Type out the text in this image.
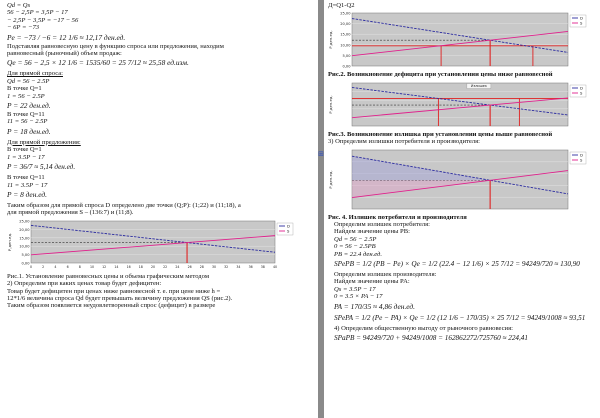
Qd = Qs
56 − 2,5P = 3,5P − 17
− 2,5P − 3,5P = −17 − 56
− 6P = −73
Pe = −73 / −6 = 12 1/6 ≈ 12,17 ден.ед.
Подставляя равновесную цену в функцию спроса или предложения, находим
равновесный (рыночный) объем продаж:
Qe = 56 − 2,5 × 12 1/6 = 1535/60 = 25 7/12 ≈ 25,58 ед.изм.
Для прямой спроса:
Qd = 56 − 2.5P
В точке Q=1
1 = 56 − 2.5P
P = 22 ден.ед.
В точке Q=11
11 = 56 − 2.5P
P = 18 ден.ед.
Для прямой предложения:
В точке Q=1
1 = 3.5P − 17
P = 36/7 ≈ 5,14 ден.ед.
В точке Q=11
11 = 3.5P − 17
P = 8 ден.ед.
Таким образом для прямой спроса D определено две точки (Q;P): (1;22) и (11;18), а
для прямой предложения S – (136:7) и (11;8).
0,00
5,00
10,00
15,00
20,00
25,00
0	2	4	6	8	10	12	14	16	18	20	22	24	26	28	30	32	34	36	38	40
Р,ден.ед.
D
S
Рис.1. Установление равновесных цены и объема графическим методом
2) Определим при каких ценах товар будет дефицитен:
Товар будет дефицитен при ценах ниже равновесной т. е. при цене ниже h =
12*1/6 величина спроса Qd будет превышать величину предложения QS (рис.2).
Таким образом появляется неудовлетворенный спрос (дефицит) в размере
⊞
Д=Q1-Q2
0,00
5,00
10,00
15,00
20,00
25,00
Р,ден.ед.
D
S
Рис.2. Возникновение дефицита при установлении цены ниже равновесной
Р,ден.ед.
Излишек	D
S
Рис.3. Возникновение излишка при установлении цены выше равновесной
3) Определим излишки потребителя и производителя:
Р,ден.ед.
D
S
Рис. 4. Излишек потребителя и производителя
Определим излишек потребителя:
Найдем значение цены PB:
Qd = 56 − 2.5P
0 = 56 − 2.5PB
PB = 22.4 ден.ед.
SPePB = 1/2 (PB − Pe) × Qe = 1/2 (22.4 − 12 1/6) × 25 7/12 = 94249/720 ≈ 130,90
Определим излишек производителя:
Найдем значение цены PA:
Qs = 3.5P − 17
0 = 3.5 × PA − 17
PA = 170/35 ≈ 4,86 ден.ед.
SPePA = 1/2 (Pe − PA) × Qe = 1/2 (12 1/6 − 170/35) × 25 7/12 = 94249/1008 ≈ 93,51
4) Определим общественную выгоду от рыночного равновесия:
SPaPB = 94249/720 + 94249/1008 = 162862272/725760 ≈ 224,41
